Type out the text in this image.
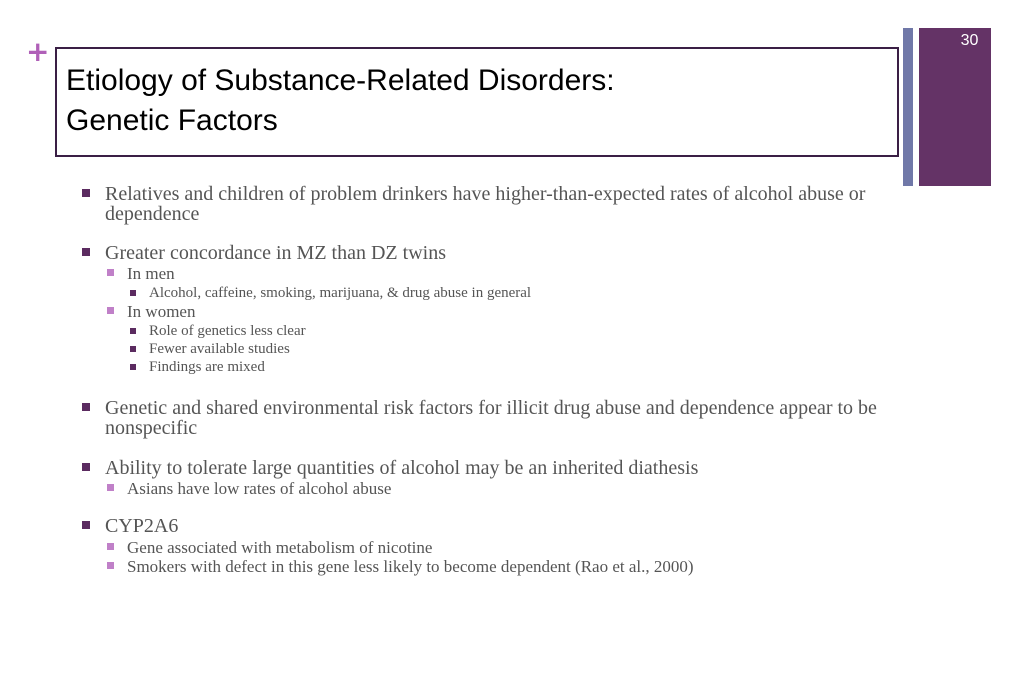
+	30
Etiology of Substance-Related Disorders:
Genetic Factors
Relatives and children of problem drinkers have higher-than-expected rates of alcohol abuse or dependence
Greater concordance in MZ than DZ twins
In men
Alcohol, caffeine, smoking, marijuana, & drug abuse in general
In women
Role of genetics less clear
Fewer available studies
Findings are mixed
Genetic and shared environmental risk factors for illicit drug abuse and dependence appear to be nonspecific
Ability to tolerate large quantities of alcohol may be an inherited diathesis
Asians have low rates of alcohol abuse
CYP2A6
Gene associated with metabolism of nicotine
Smokers with defect in this gene less likely to become dependent (Rao et al., 2000)
